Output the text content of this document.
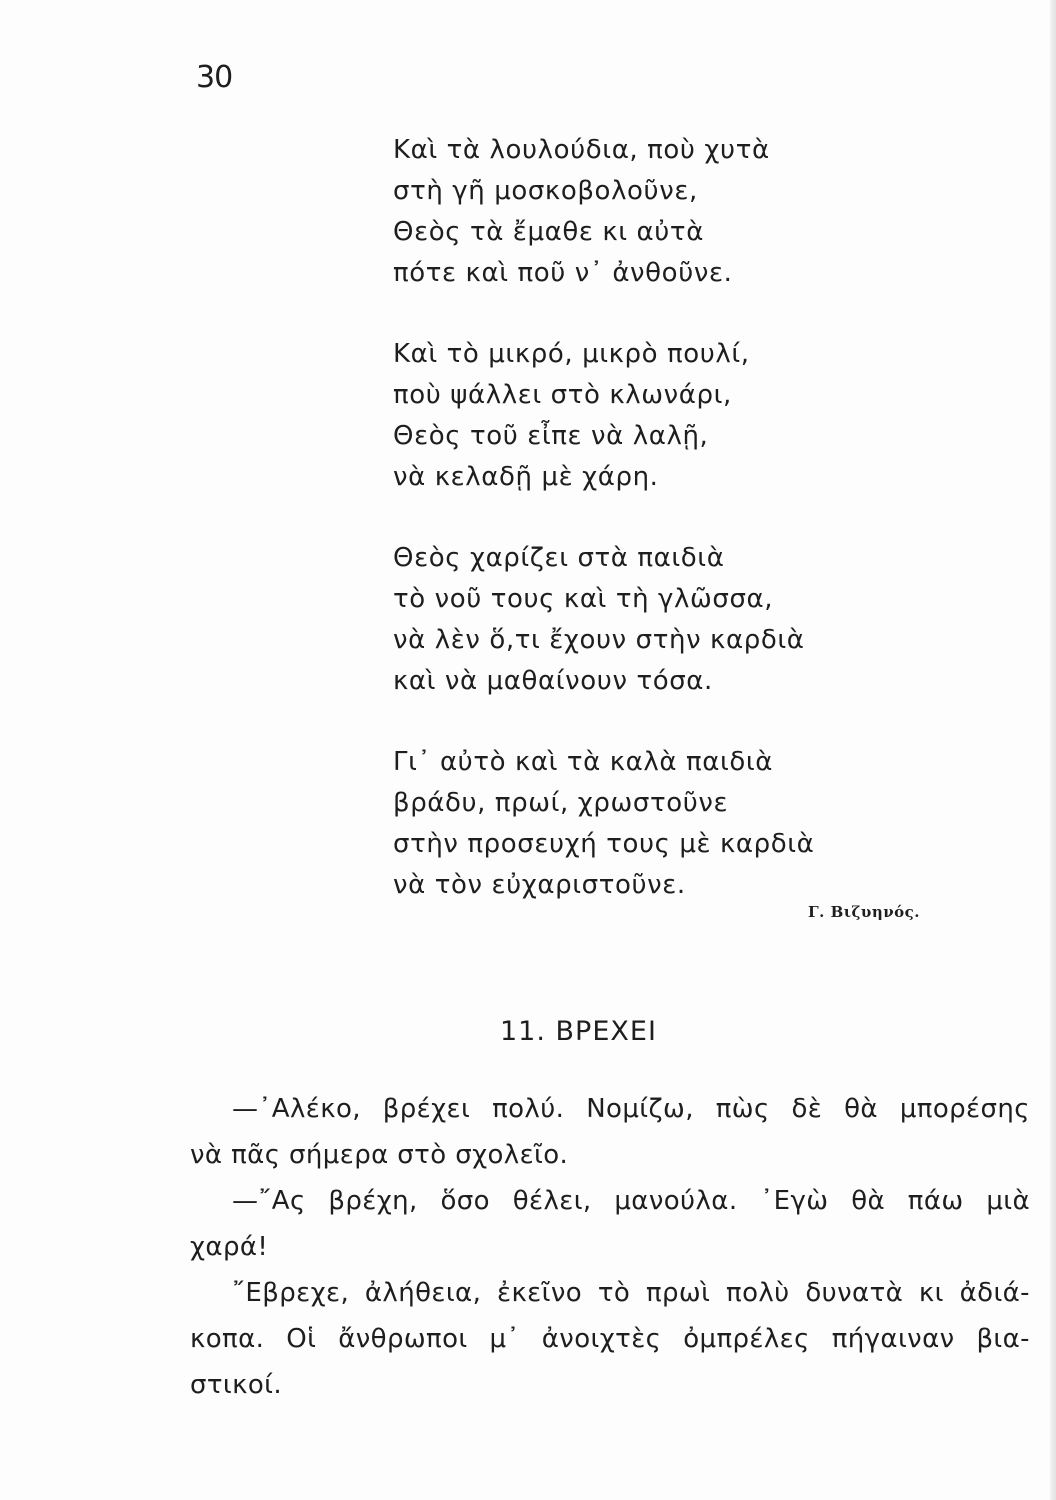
30
Καὶ τὰ λουλούδια, ποὺ χυτὰ
στὴ γῆ μοσκοβολοῦνε,
Θεὸς τὰ ἔμαθε κι αὐτὰ
πότε καὶ ποῦ ν᾽ ἀνθοῦνε.
Καὶ τὸ μικρό, μικρὸ πουλί,
ποὺ ψάλλει στὸ κλωνάρι,
Θεὸς τοῦ εἶπε νὰ λαλῇ,
νὰ κελαδῇ μὲ χάρη.
Θεὸς χαρίζει στὰ παιδιὰ
τὸ νοῦ τους καὶ τὴ γλῶσσα,
νὰ λὲν ὅ,τι ἔχουν στὴν καρδιὰ
καὶ νὰ μαθαίνουν τόσα.
Γι᾽ αὐτὸ καὶ τὰ καλὰ παιδιὰ
βράδυ, πρωί, χρωστοῦνε
στὴν προσευχή τους μὲ καρδιὰ
νὰ τὸν εὐχαριστοῦνε.
Γ. Βιζυηνός.
11. ΒΡΕΧΕΙ
—᾽Αλέκο, βρέχει πολύ. Νομίζω, πὼς δὲ θὰ μπορέσης
νὰ πᾶς σήμερα στὸ σχολεῖο.
—῎Ας βρέχη, ὅσο θέλει, μανούλα. ᾽Εγὼ θὰ πάω μιὰ
χαρά!
῎Εβρεχε, ἀλήθεια, ἐκεῖνο τὸ πρωὶ πολὺ δυνατὰ κι ἀδιά-
κοπα. Οἱ ἄνθρωποι μ᾽ ἀνοιχτὲς ὀμπρέλες πήγαιναν βια-
στικοί.
